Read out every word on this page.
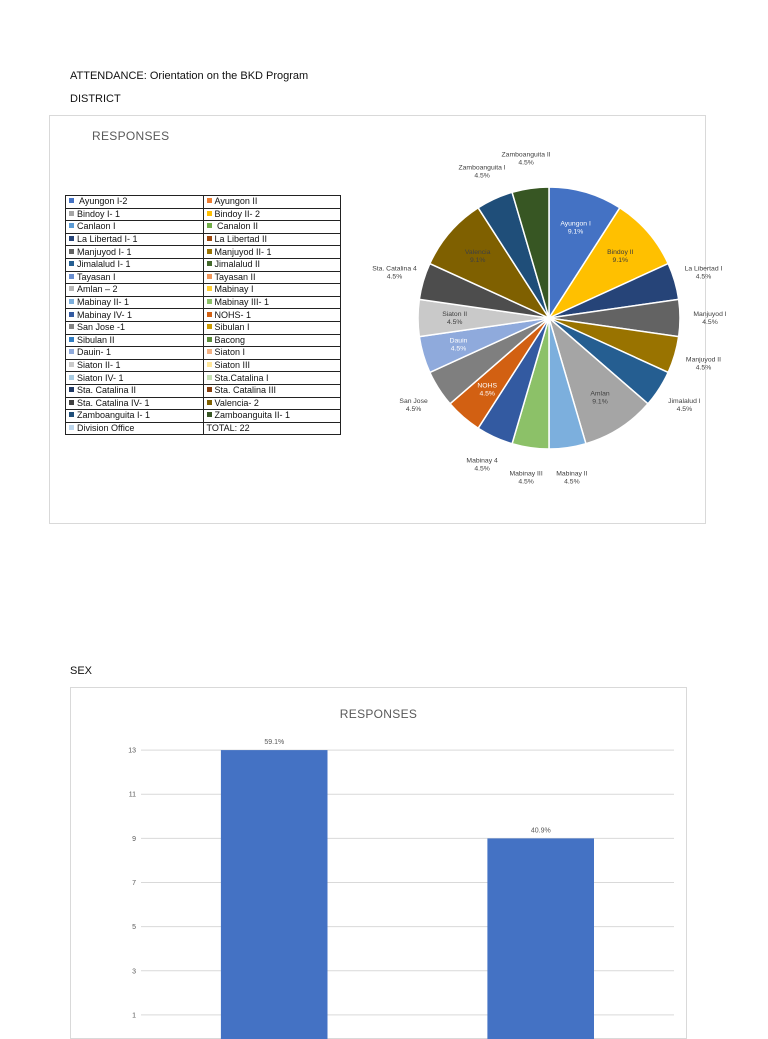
ATTENDANCE: Orientation on the BKD Program
DISTRICT
RESPONSES
Ayungon I-2	Ayungon II
Bindoy I- 1	Bindoy II- 2
Canlaon I	Canalon II
La Libertad I- 1	La Libertad II
Manjuyod I- 1	Manjuyod II- 1
Jimalalud I- 1	Jimalalud II
Tayasan I	Tayasan II
Amlan – 2	Mabinay I
Mabinay II- 1	Mabinay III- 1
Mabinay IV- 1	NOHS- 1
San Jose -1	Sibulan I
Sibulan II	Bacong
Dauin- 1	Siaton I
Siaton II- 1	Siaton III
Siaton IV- 1	Sta.Catalina I
Sta. Catalina II	Sta. Catalina III
Sta. Catalina IV- 1	Valencia- 2
Zamboanguita I- 1	Zamboanguita II- 1
Division Office	TOTAL: 22
Ayungon I
9.1%
Bindoy II
9.1%
La Libertad I
4.5%
Manjuyod I
4.5%
Manjuyod II
4.5%
Jimalalud I
4.5%
Amlan
9.1%
Mabinay II
4.5%
Mabinay III
4.5%
Mabinay 4
4.5%
NOHS
4.5%
San Jose
4.5%
Dauin
4.5%
Siaton II
4.5%
Sta. Catalina 4
4.5%
Valencia
9.1%
Zamboanguita I
4.5%
Zamboanguita II
4.5%
SEX
RESPONSES
1
3
5
7
9
11
13
59.1%
40.9%
